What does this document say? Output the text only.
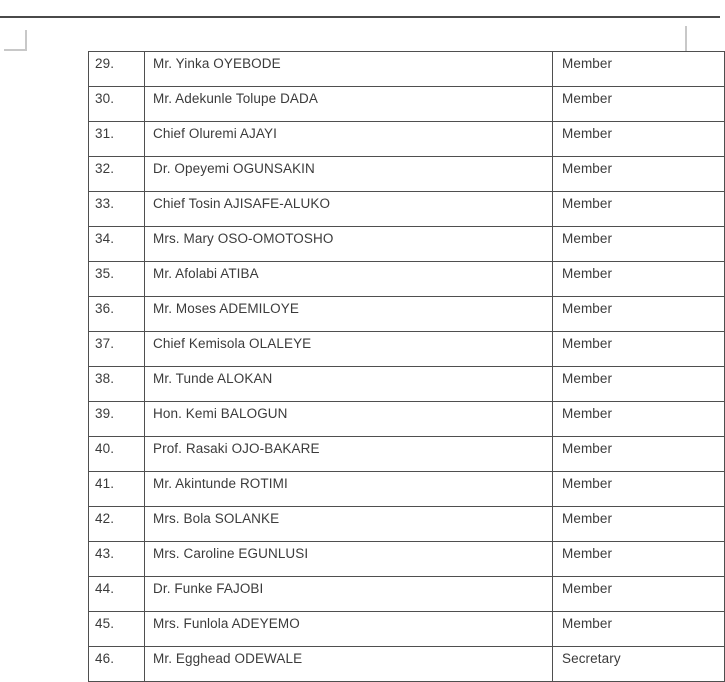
29.	Mr. Yinka OYEBODE	Member
30.	Mr. Adekunle Tolupe DADA	Member
31.	Chief Oluremi AJAYI	Member
32.	Dr. Opeyemi OGUNSAKIN	Member
33.	Chief Tosin AJISAFE-ALUKO	Member
34.	Mrs. Mary OSO-OMOTOSHO	Member
35.	Mr. Afolabi ATIBA	Member
36.	Mr. Moses ADEMILOYE	Member
37.	Chief Kemisola OLALEYE	Member
38.	Mr. Tunde ALOKAN	Member
39.	Hon. Kemi BALOGUN	Member
40.	Prof. Rasaki OJO-BAKARE	Member
41.	Mr. Akintunde ROTIMI	Member
42.	Mrs. Bola SOLANKE	Member
43.	Mrs. Caroline EGUNLUSI	Member
44.	Dr. Funke FAJOBI	Member
45.	Mrs. Funlola ADEYEMO	Member
46.	Mr. Egghead ODEWALE	Secretary
